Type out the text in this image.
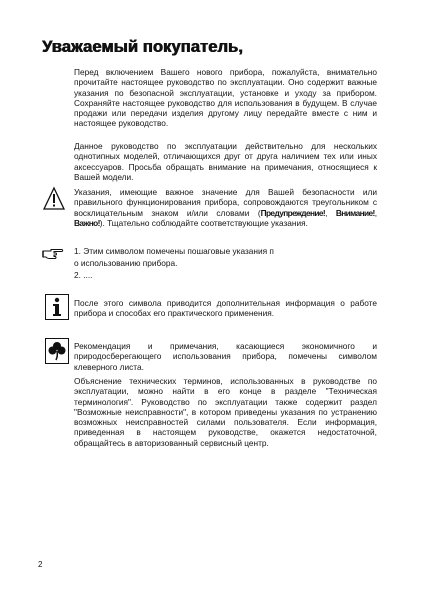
Уважаемый покупатель,
Перед включением Вашего нового прибора, пожалуйста, внимательно прочитайте настоящее руководство по эксплуатации. Оно содержит важные указания по безопасной эксплуатации, установке и уходу за прибором. Сохраняйте настоящее руководство для использования в будущем. В случае продажи или передачи изделия другому лицу передайте вместе с ним и настоящее руководство.
Данное руководство по эксплуатации действительно для нескольких однотипных моделей, отличающихся друг от друга наличием тех или иных аксессуаров. Просьба обращать внимание на примечания, относящиеся к Вашей модели.
Указания, имеющие важное значение для Вашей безопасности или правильного функционирования прибора, сопровождаются треугольником с восклицательным знаком и/или словами (Предупреждение!, Внимание!, Важно!). Тщательно соблюдайте соответствующие указания.
1. Этим символом помечены пошаговые указания п
о использованию прибора.
2. ....
После этого символа приводится дополнительная информация о работе прибора и способах его практического применения.
Рекомендация и примечания, касающиеся экономичного и природосберегающего использования прибора, помечены символом клеверного листа.
Объяснение технических терминов, использованных в руководстве по эксплуатации, можно найти в его конце в разделе "Техническая терминология". Руководство по эксплуатации также содержит раздел "Возможные неисправности", в котором приведены указания по устранению возможных неисправностей силами пользователя. Если информация, приведенная в настоящем руководстве, окажется недостаточной, обращайтесь в авторизованный сервисный центр.
2
